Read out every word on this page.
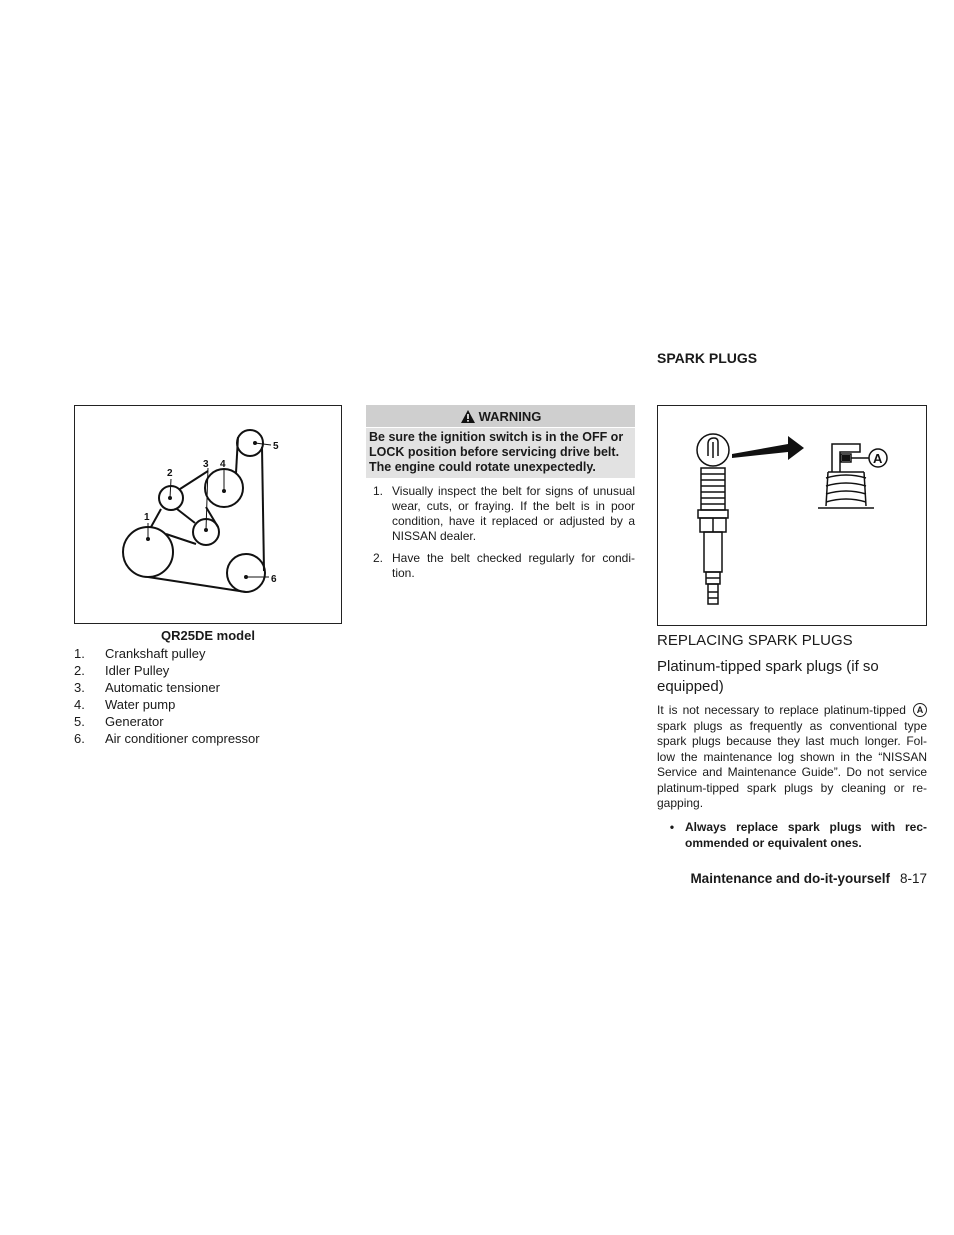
SPARK PLUGS
1
2
3 4
5
6
QR25DE model
1.	Crankshaft pulley
2.	Idler Pulley
3.	Automatic tensioner
4.	Water pump
5.	Generator
6.	Air conditioner compressor
WARNING
Be sure the ignition switch is in the OFF or LOCK position before servicing drive belt. The engine could rotate unexpectedly.
1. Visually inspect the belt for signs of unusual wear, cuts, or fraying. If the belt is in poor condition, have it replaced or adjusted by a NISSAN dealer.
2. Have the belt checked regularly for condi- tion.
A
REPLACING SPARK PLUGS
Platinum-tipped spark plugs (if so equipped)
It is not necessary to replace platinum-tipped A spark plugs as frequently as conventional type spark plugs because they last much longer. Fol- low the maintenance log shown in the “NISSAN Service and Maintenance Guide”. Do not service platinum-tipped spark plugs by cleaning or re- gapping.
• Always replace spark plugs with rec- ommended or equivalent ones.
Maintenance and do-it-yourself 8-17
